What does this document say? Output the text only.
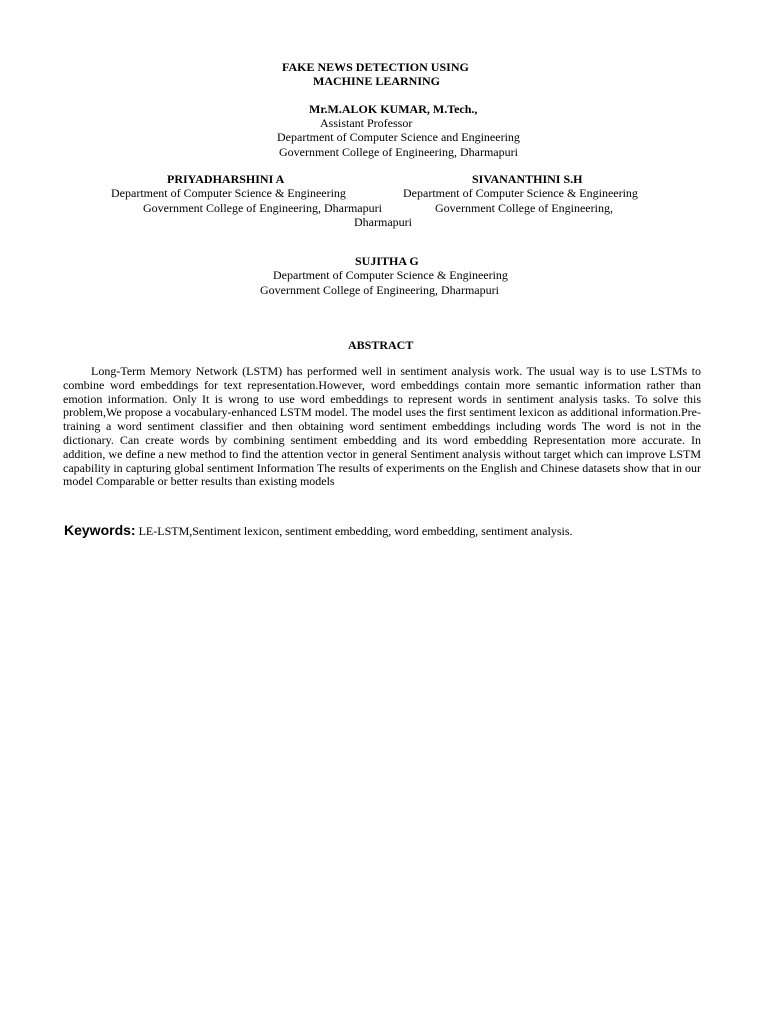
FAKE NEWS DETECTION USING
MACHINE LEARNING
Mr.M.ALOK KUMAR, M.Tech.,
Assistant Professor
Department of Computer Science and Engineering
Government College of Engineering, Dharmapuri
PRIYADHARSHINI A
Department of Computer Science & Engineering
Government College of Engineering, Dharmapuri
SIVANANTHINI S.H
Department of Computer Science & Engineering
Government College of Engineering,
Dharmapuri
SUJITHA G
Department of Computer Science & Engineering
Government College of Engineering, Dharmapuri
ABSTRACT

Long-Term Memory Network (LSTM) has performed well in sentiment analysis work. The usual way is to use LSTMs to combine word embeddings for text representation.However, word embeddings contain more semantic information rather than emotion information. Only It is wrong to use word embeddings to represent words in sentiment analysis tasks. To solve this problem,We propose a vocabulary-enhanced LSTM model. The model uses the first sentiment lexicon as additional information.Pre-training a word sentiment classifier and then obtaining word sentiment embeddings including words The word is not in the dictionary. Can create words by combining sentiment embedding and its word embedding Representation more accurate. In addition, we define a new method to find the attention vector in general Sentiment analysis without target which can improve LSTM capability in capturing global sentiment Information The results of experiments on the English and Chinese datasets show that in our model Comparable or better results than existing models

Keywords: LE-LSTM,Sentiment lexicon, sentiment embedding, word embedding, sentiment analysis.
